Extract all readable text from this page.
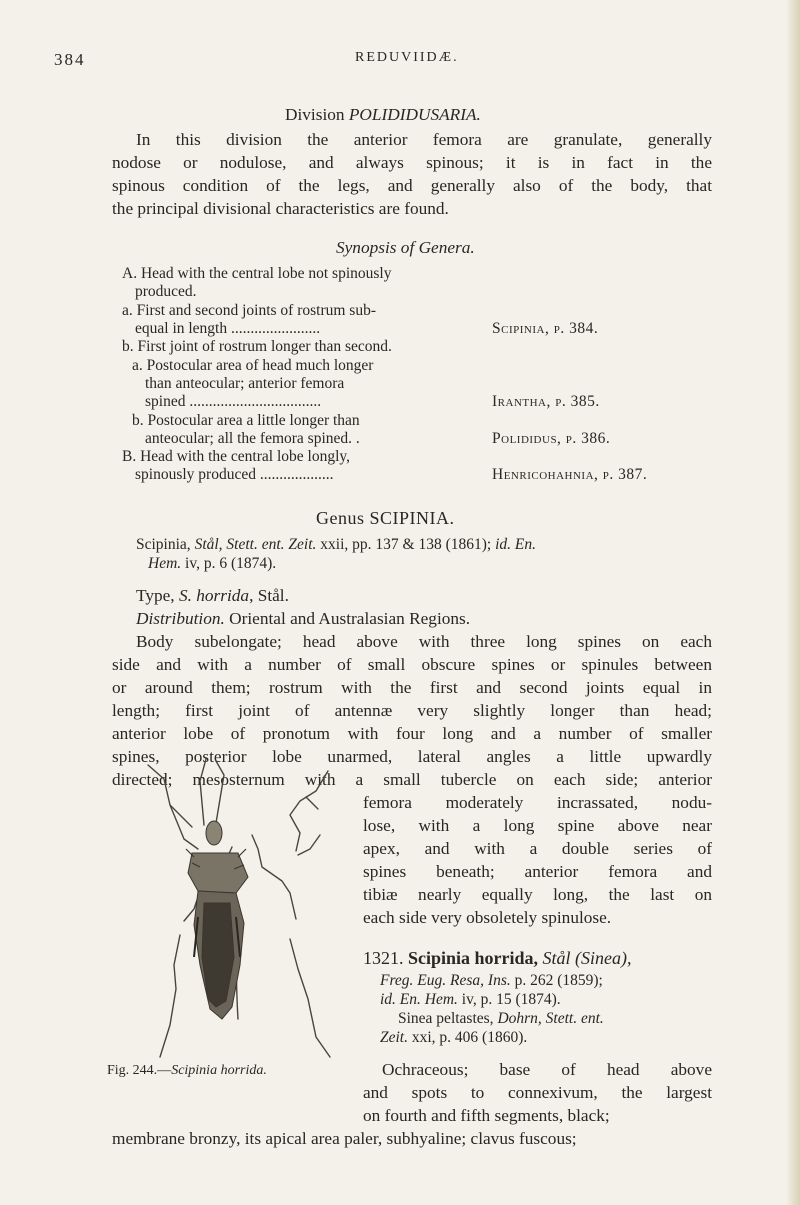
384	REDUVIIDÆ.
Division POLIDIDUSARIA.
In this division the anterior femora are granulate, generally
nodose or nodulose, and always spinous; it is in fact in the
spinous condition of the legs, and generally also of the body, that
the principal divisional characteristics are found.
Synopsis of Genera.
A. Head with the central lobe not spinously
produced.
a. First and second joints of rostrum sub-
equal in length .......................	Scipinia, p. 384.
b. First joint of rostrum longer than second.
a. Postocular area of head much longer
than anteocular; anterior femora
spined ..................................	Irantha, p. 385.
b. Postocular area a little longer than
anteocular; all the femora spined. .	Polididus, p. 386.
B. Head with the central lobe longly,
spinously produced ...................	Henricohahnia, p. 387.
Genus SCIPINIA.
Scipinia, Stål, Stett. ent. Zeit. xxii, pp. 137 & 138 (1861); id. En.
Hem. iv, p. 6 (1874).
Type, S. horrida, Stål.
Distribution. Oriental and Australasian Regions.
Body subelongate; head above with three long spines on each
side and with a number of small obscure spines or spinules between
or around them; rostrum with the first and second joints equal in
length; first joint of antennæ very slightly longer than head;
anterior lobe of pronotum with four long and a number of smaller
spines, posterior lobe unarmed, lateral angles a little upwardly
directed; mesosternum with a small tubercle on each side; anterior
femora moderately incrassated, nodu-
lose, with a long spine above near
apex, and with a double series of
spines beneath; anterior femora and
tibiæ nearly equally long, the last on
each side very obsoletely spinulose.
1321. Scipinia horrida, Stål (Sinea),
Freg. Eug. Resa, Ins. p. 262 (1859);
id. En. Hem. iv, p. 15 (1874).
Sinea peltastes, Dohrn, Stett. ent.
Zeit. xxi, p. 406 (1860).
Ochraceous; base of head above
and spots to connexivum, the largest
on fourth and fifth segments, black;
membrane bronzy, its apical area paler, subhyaline; clavus fuscous;
Fig. 244.—Scipinia horrida.
